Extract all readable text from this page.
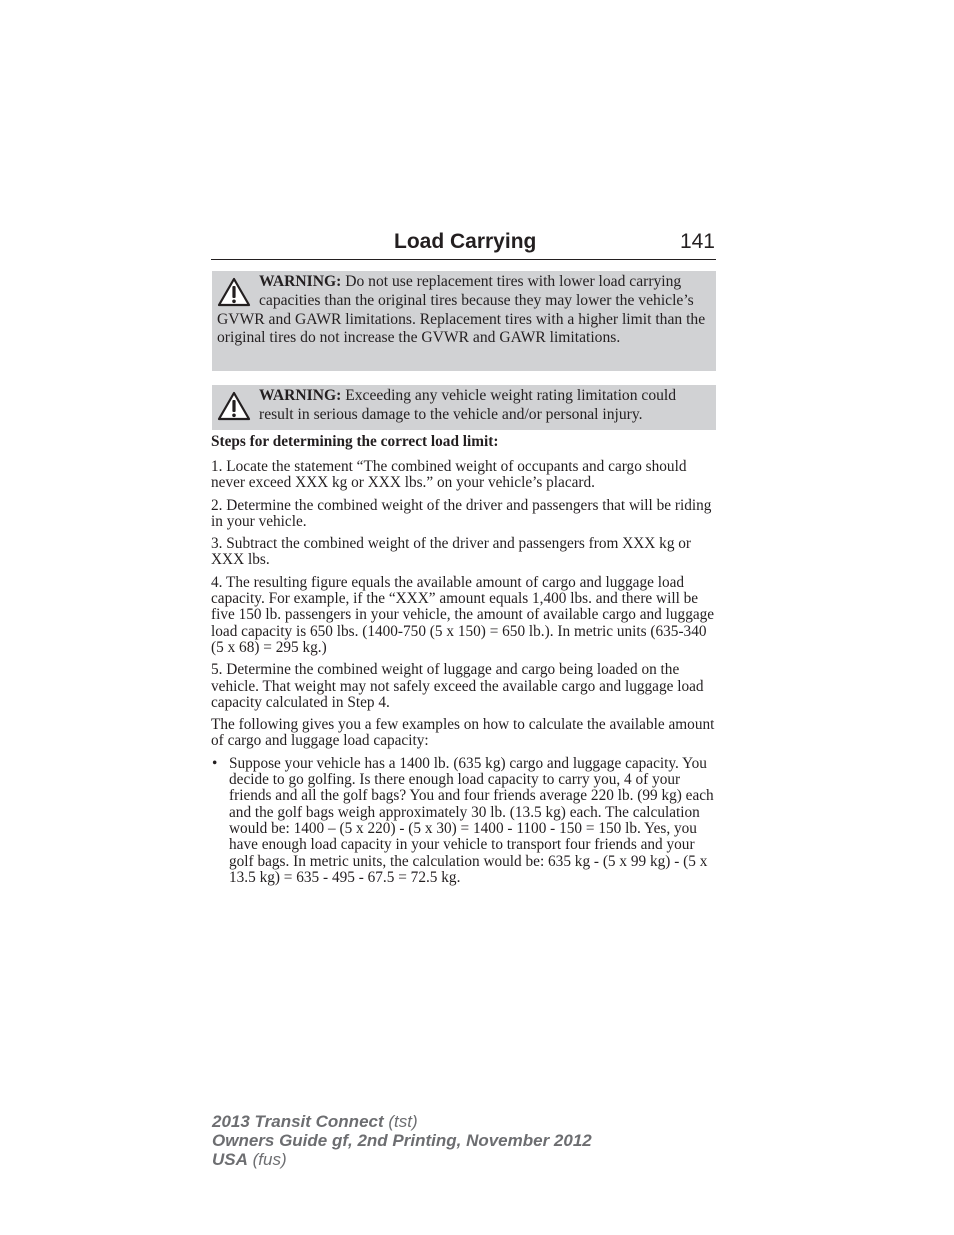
Load Carrying	141
WARNING: Do not use replacement tires with lower load carrying capacities than the original tires because they may lower the vehicle’s GVWR and GAWR limitations. Replacement tires with a higher limit than the original tires do not increase the GVWR and GAWR limitations.
WARNING: Exceeding any vehicle weight rating limitation could result in serious damage to the vehicle and/or personal injury.

Steps for determining the correct load limit:

1. Locate the statement “The combined weight of occupants and cargo should never exceed XXX kg or XXX lbs.” on your vehicle’s placard.

2. Determine the combined weight of the driver and passengers that will be riding in your vehicle.

3. Subtract the combined weight of the driver and passengers from XXX kg or XXX lbs.

4. The resulting figure equals the available amount of cargo and luggage load capacity. For example, if the “XXX” amount equals 1,400 lbs. and there will be five 150 lb. passengers in your vehicle, the amount of available cargo and luggage load capacity is 650 lbs. (1400-750 (5 x 150) = 650 lb.). In metric units (635-340 (5 x 68) = 295 kg.)

5. Determine the combined weight of luggage and cargo being loaded on the vehicle. That weight may not safely exceed the available cargo and luggage load capacity calculated in Step 4.

The following gives you a few examples on how to calculate the available amount of cargo and luggage load capacity:

• Suppose your vehicle has a 1400 lb. (635 kg) cargo and luggage capacity. You decide to go golfing. Is there enough load capacity to carry you, 4 of your friends and all the golf bags? You and four friends average 220 lb. (99 kg) each and the golf bags weigh approximately 30 lb. (13.5 kg) each. The calculation would be: 1400 – (5 x 220) - (5 x 30) = 1400 - 1100 - 150 = 150 lb. Yes, you have enough load capacity in your vehicle to transport four friends and your golf bags. In metric units, the calculation would be: 635 kg - (5 x 99 kg) - (5 x 13.5 kg) = 635 - 495 - 67.5 = 72.5 kg.
2013 Transit Connect (tst)
Owners Guide gf, 2nd Printing, November 2012
USA (fus)
